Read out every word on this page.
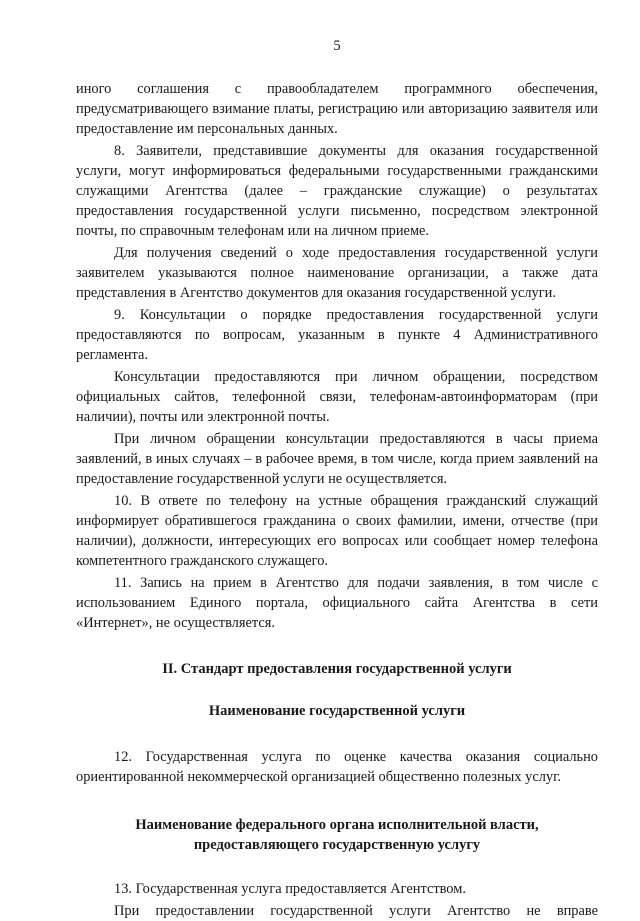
5

иного соглашения с правообладателем программного обеспечения, предусматривающего взимание платы, регистрацию или авторизацию заявителя или предоставление им персональных данных.

8. Заявители, представившие документы для оказания государственной услуги, могут информироваться федеральными государственными гражданскими служащими Агентства (далее – гражданские служащие) о результатах предоставления государственной услуги письменно, посредством электронной почты, по справочным телефонам или на личном приеме.

Для получения сведений о ходе предоставления государственной услуги заявителем указываются полное наименование организации, а также дата представления в Агентство документов для оказания государственной услуги.

9. Консультации о порядке предоставления государственной услуги предоставляются по вопросам, указанным в пункте 4 Административного регламента.

Консультации предоставляются при личном обращении, посредством официальных сайтов, телефонной связи, телефонам-автоинформаторам (при наличии), почты или электронной почты.

При личном обращении консультации предоставляются в часы приема заявлений, в иных случаях – в рабочее время, в том числе, когда прием заявлений на предоставление государственной услуги не осуществляется.

10. В ответе по телефону на устные обращения гражданский служащий информирует обратившегося гражданина о своих фамилии, имени, отчестве (при наличии), должности, интересующих его вопросах или сообщает номер телефона компетентного гражданского служащего.

11. Запись на прием в Агентство для подачи заявления, в том числе с использованием Единого портала, официального сайта Агентства в сети «Интернет», не осуществляется.

II. Стандарт предоставления государственной услуги

Наименование государственной услуги

12. Государственная услуга по оценке качества оказания социально ориентированной некоммерческой организацией общественно полезных услуг.

Наименование федерального органа исполнительной власти,

предоставляющего государственную услугу

13. Государственная услуга предоставляется Агентством.

При предоставлении государственной услуги Агентство не вправе
